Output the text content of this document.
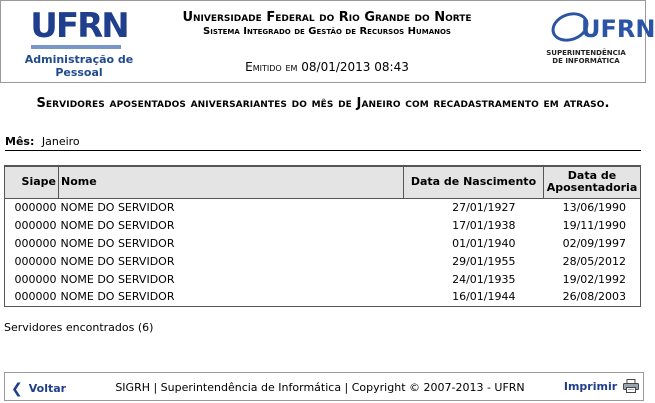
UFRN
Administração de Pessoal
Universidade Federal do Rio Grande do Norte
Sistema Integrado de Gestão de Recursos Humanos
Emitido em 08/01/2013 08:43
UFRN
SUPERINTENDÊNCIA DE INFORMÁTICA
Servidores aposentados aniversariantes do mês de Janeiro com recadastramento em atraso.
Mês: Janeiro
Siape	Nome	Data de Nascimento	Data de Aposentadoria
000000	NOME DO SERVIDOR	27/01/1927	13/06/1990
000000	NOME DO SERVIDOR	17/01/1938	19/11/1990
000000	NOME DO SERVIDOR	01/01/1940	02/09/1997
000000	NOME DO SERVIDOR	29/01/1955	28/05/2012
000000	NOME DO SERVIDOR	24/01/1935	19/02/1992
000000	NOME DO SERVIDOR	16/01/1944	26/08/2003
Servidores encontrados (6)
❮ Voltar	SIGRH | Superintendência de Informática | Copyright © 2007-2013 - UFRN	Imprimir
